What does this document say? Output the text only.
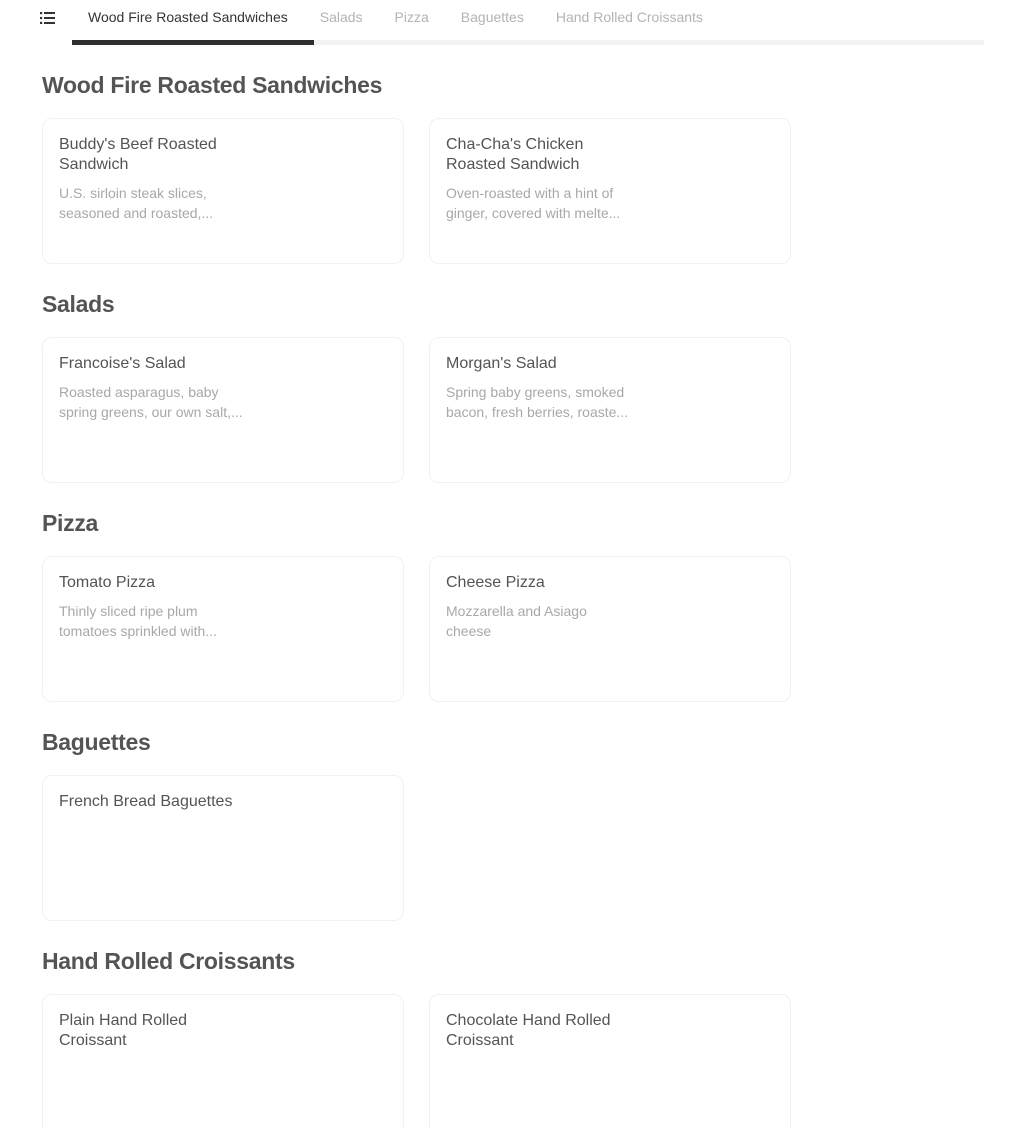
Wood Fire Roasted Sandwiches	Salads	Pizza	Baguettes	Hand Rolled Croissants
Wood Fire Roasted Sandwiches
Buddy's Beef Roasted Sandwich
U.S. sirloin steak slices, seasoned and roasted,...
Cha-Cha's Chicken Roasted Sandwich
Oven-roasted with a hint of ginger, covered with melte...
Salads
Francoise's Salad
Roasted asparagus, baby spring greens, our own salt,...
Morgan's Salad
Spring baby greens, smoked bacon, fresh berries, roaste...
Pizza
Tomato Pizza
Thinly sliced ripe plum tomatoes sprinkled with...
Cheese Pizza
Mozzarella and Asiago cheese
Baguettes
French Bread Baguettes
Hand Rolled Croissants
Plain Hand Rolled Croissant
Chocolate Hand Rolled Croissant
